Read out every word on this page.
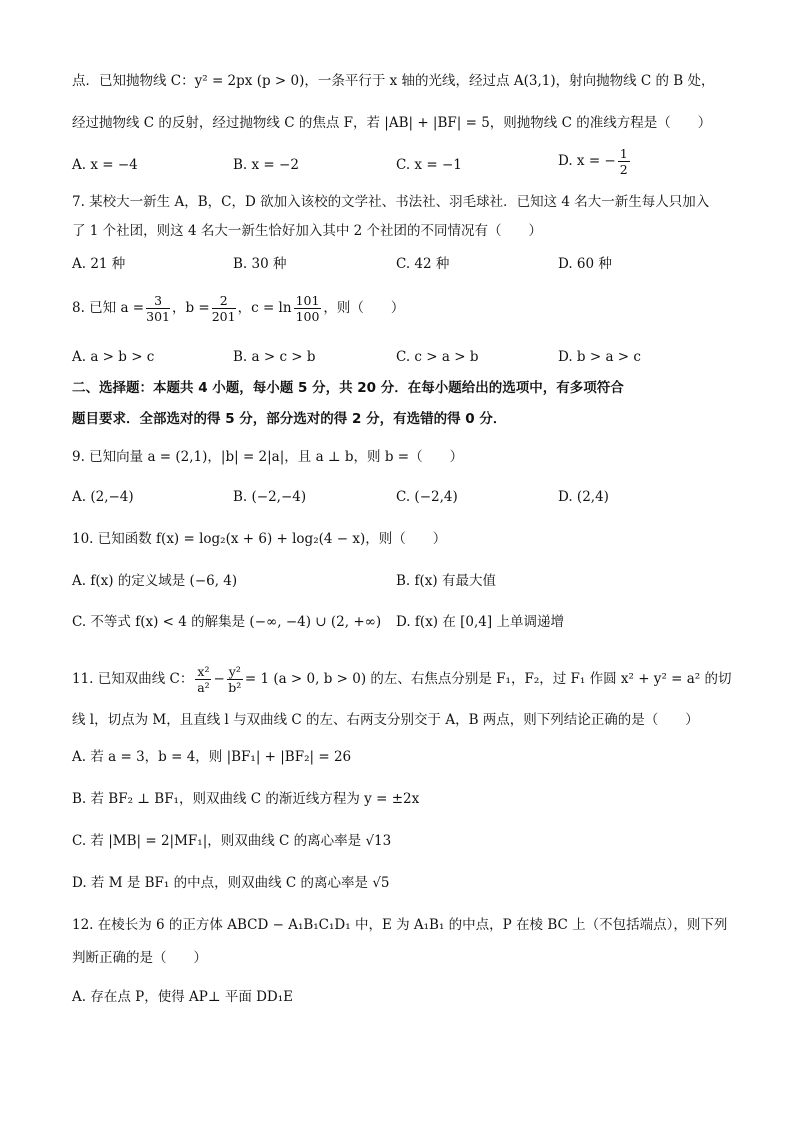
点．已知抛物线 C：y² = 2px (p > 0)，一条平行于 x 轴的光线，经过点 A(3,1)，射向抛物线 C 的 B 处，
经过抛物线 C 的反射，经过抛物线 C 的焦点 F，若 |AB| + |BF| = 5，则抛物线 C 的准线方程是（　　）
A. x = −4	B. x = −2	C. x = −1	D. x = − $\frac{1}{2}$
7. 某校大一新生 A，B，C，D 欲加入该校的文学社、书法社、羽毛球社．已知这 4 名大一新生每人只加入
了 1 个社团，则这 4 名大一新生恰好加入其中 2 个社团的不同情况有（　　）
A. 21 种	B. 30 种	C. 42 种	D. 60 种
8. 已知 $a = \frac{3}{301}$ ，$b = \frac{2}{201}$ ，$c = \ln \frac{101}{100}$ ，则（　　）
A. a > b > c	B. a > c > b	C. c > a > b	D. b > a > c
二、选择题：本题共 4 小题，每小题 5 分，共 20 分．在每小题给出的选项中，有多项符合
题目要求．全部选对的得 5 分，部分选对的得 2 分，有选错的得 0 分．
9. 已知向量 a = (2,1)，|b| = 2|a|，且 a ⊥ b，则 b =（　　）
A. (2,−4)	B. (−2,−4)	C. (−2,4)	D. (2,4)
10. 已知函数 f(x) = log₂(x + 6) + log₂(4 − x)，则（　　）
A. f(x) 的定义域是 (−6, 4)	B. f(x) 有最大值
C. 不等式 f(x) < 4 的解集是 (−∞, −4) ∪ (2, +∞) D. f(x) 在 [0,4] 上单调递增
11. 已知双曲线 C： $\frac{\text{x²}}{\text{a²}} - \frac{\text{y²}}{\text{b²}} = 1$ (a > 0, b > 0) 的左、右焦点分别是 F₁，F₂，过 F₁ 作圆 x² + y² = a² 的切
线 l，切点为 M，且直线 l 与双曲线 C 的左、右两支分别交于 A，B 两点，则下列结论正确的是（　　）
A. 若 a = 3，b = 4，则 |BF₁| + |BF₂| = 26
B. 若 BF₂ ⊥ BF₁，则双曲线 C 的渐近线方程为 y = ±2x
C. 若 |MB| = 2|MF₁|，则双曲线 C 的离心率是 √13
D. 若 M 是 BF₁ 的中点，则双曲线 C 的离心率是 √5
12. 在棱长为 6 的正方体 ABCD − A₁B₁C₁D₁ 中，E 为 A₁B₁ 的中点，P 在棱 BC 上（不包括端点），则下列
判断正确的是（　　）
A. 存在点 P，使得 AP⊥ 平面 DD₁E
